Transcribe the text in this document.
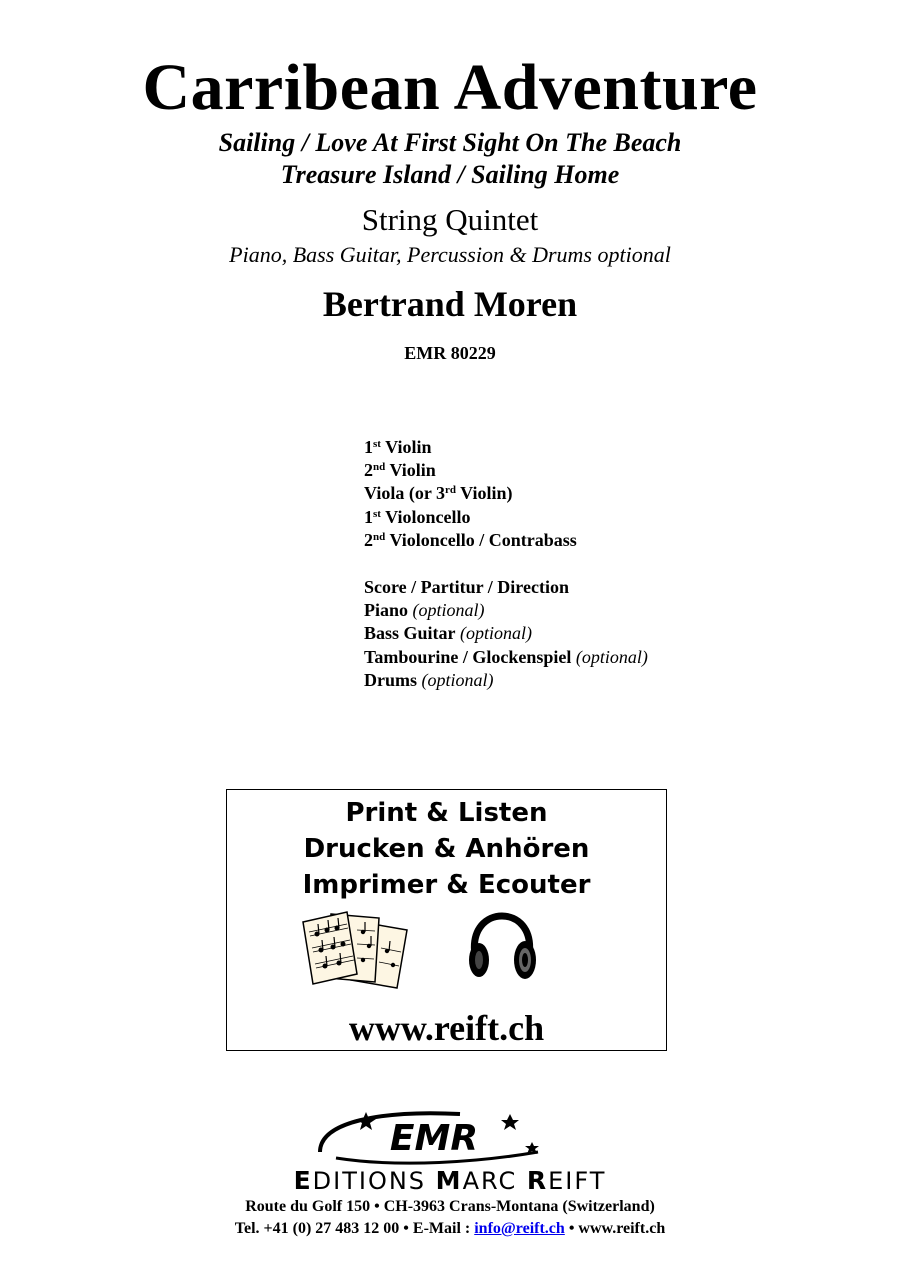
Carribean Adventure
Sailing / Love At First Sight On The Beach
Treasure Island / Sailing Home
String Quintet
Piano, Bass Guitar, Percussion & Drums optional
Bertrand Moren
EMR 80229
1st Violin
2nd Violin
Viola (or 3rd Violin)
1st Violoncello
2nd Violoncello / Contrabass
Score / Partitur / Direction
Piano (optional)
Bass Guitar (optional)
Tambourine / Glockenspiel (optional)
Drums (optional)
Print & Listen
Drucken & Anhören
Imprimer & Ecouter
www.reift.ch
EMR
EDITIONS MARC REIFT
Route du Golf 150 • CH-3963 Crans-Montana (Switzerland)
Tel. +41 (0) 27 483 12 00 • E-Mail : info@reift.ch • www.reift.ch
